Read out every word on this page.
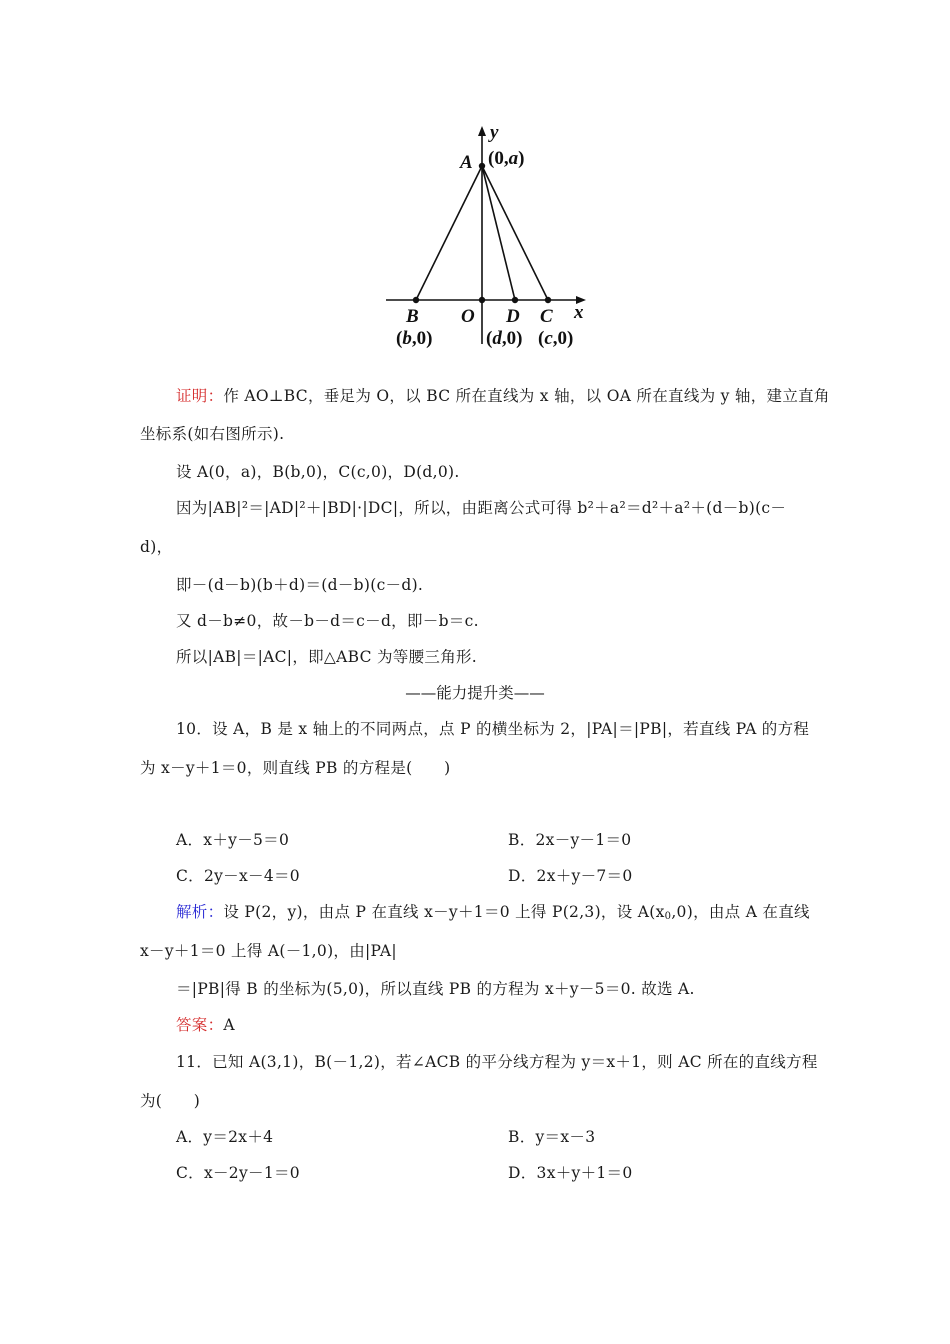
y
x
A (0,a)
B
(b,0)
O D
(d,0)
C
(c,0)
证明：作 AO⊥BC，垂足为 O，以 BC 所在直线为 x 轴，以 OA 所在直线为 y 轴，建立直角
坐标系(如右图所示).
设 A(0，a)，B(b,0)，C(c,0)，D(d,0).
因为|AB|²＝|AD|²＋|BD|·|DC|，所以，由距离公式可得 b²＋a²＝d²＋a²＋(d－b)(c－
d)，
即－(d－b)(b＋d)＝(d－b)(c－d).
又 d－b≠0，故－b－d＝c－d，即－b＝c.
所以|AB|＝|AC|，即△ABC 为等腰三角形.
——能力提升类——
10．设 A，B 是 x 轴上的不同两点，点 P 的横坐标为 2，|PA|＝|PB|，若直线 PA 的方程
为 x－y＋1＝0，则直线 PB 的方程是(　　)
A．x＋y－5＝0	B．2x－y－1＝0
C．2y－x－4＝0	D．2x＋y－7＝0
解析：设 P(2，y)，由点 P 在直线 x－y＋1＝0 上得 P(2,3)，设 $A(x_0,0)$，由点 A 在直线
x－y＋1＝0 上得 A(－1,0)，由|PA|
＝|PB|得 B 的坐标为(5,0)，所以直线 PB 的方程为 x＋y－5＝0. 故选 A.
答案：A
11．已知 A(3,1)，B(－1,2)，若∠ACB 的平分线方程为 y＝x＋1，则 AC 所在的直线方程
为(　　)
A．y＝2x＋4	B．y＝x－3
C．x－2y－1＝0	D．3x＋y＋1＝0
